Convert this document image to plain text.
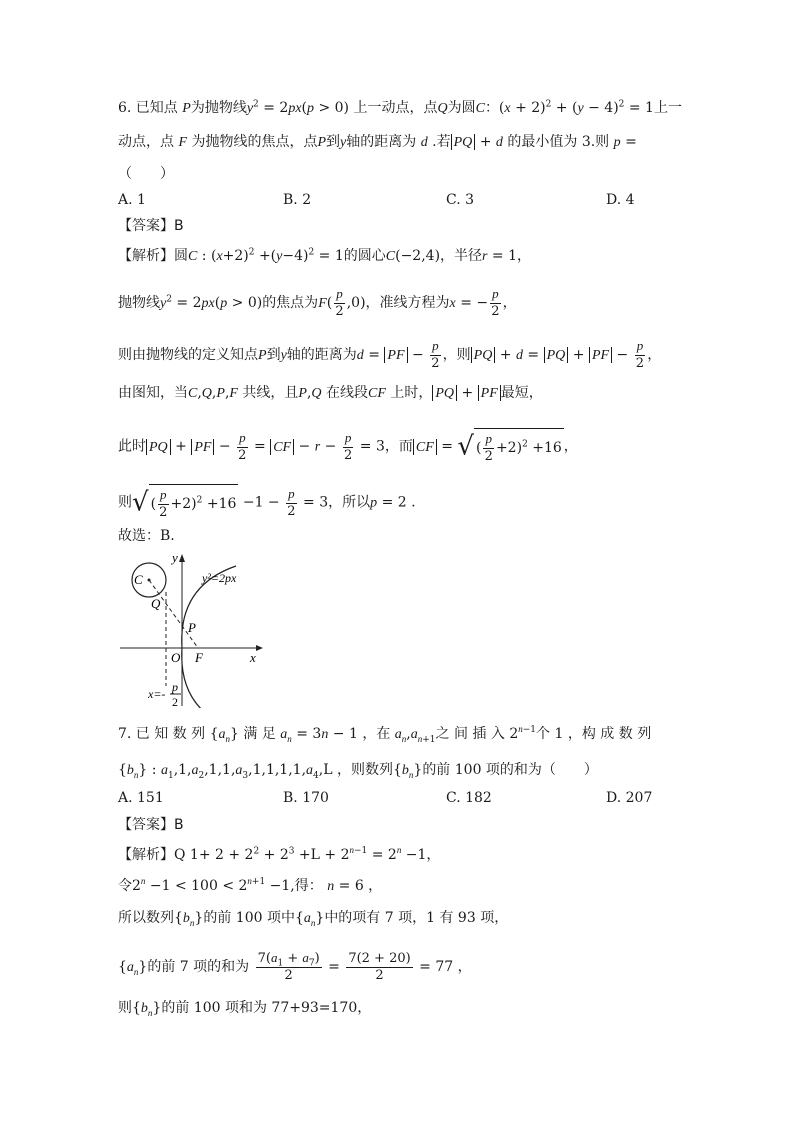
6. 已知点 P为抛物线$y^2 = 2px(p > 0)$ 上一动点，点Q为圆C：$(x + 2)^2 + (y - 4)^2 = 1$上一
动点，点 F 为抛物线的焦点，点P到y轴的距离为 d .若 PQ + d 的最小值为 3.则 p =
（　　）
A. 1	B. 2	C. 3	D. 4
【答案】B
【解析】圆C : $(x+2)^2 +(y-4)^2 = 1$的圆心C(−2,4)，半径r = 1，
抛物线$y^2 = 2px(p > 0)$的焦点为$F( \frac{p}{2} ,0)$，准线方程为x = − $\frac{p}{2}$ ，
则由抛物线的定义知点P到y轴的距离为d = PF − $\frac{p}{2}$ ，则 PQ + d = PQ + PF − $\frac{p}{2}$ ，
由图知，当C,Q,P,F 共线，且P,Q 在线段CF 上时， PQ + PF 最短，
此时 PQ + PF − $\frac{p}{2}$ = CF − $r - \frac{p}{2} = 3$，而 CF = √ ( $\frac{p}{2} +2)^2 +16$ ，
则√ ( $\frac{p}{2} +2)^2 +16 -1 - \frac{p}{2} = 3$，所以p = 2 .
故选：B.
y
x
C
Q
P
O F
y²=2px
x=- p
2
7. 已 知 数 列 $\{a_n\}$ 满 足 $a_n = 3n - 1$ ，在 $a_n,a_{n+1}$之 间 插 入 $2^{n-1}$个 1 ，构 成 数 列
$\{b_n\}$ : $a_1,1,a_2,1,1,a_3,1,1,1,1,a_4,L$ ，则数列$\{b_n\}$的前 100 项的和为（　　）
A. 151	B. 170	C. 182	D. 207
【答案】B
【解析】Q $1+ 2 + 2^2 + 2^3 +L + 2^{n-1} = 2^n -1$，
令$2^n -1 < 100 < 2^{n+1} -1$,得： n = 6 ，
所以数列$\{b_n\}$的前 100 项中$\{a_n\}$中的项有 7 项，1 有 93 项，
$\{a_n\}$的前 7 项的和为 $\frac{7(a_1 + a_7)}{2} = \frac{7(2 + 20)}{2} = 77$ ，
则$\{b_n\}$的前 100 项和为 77+93=170，
